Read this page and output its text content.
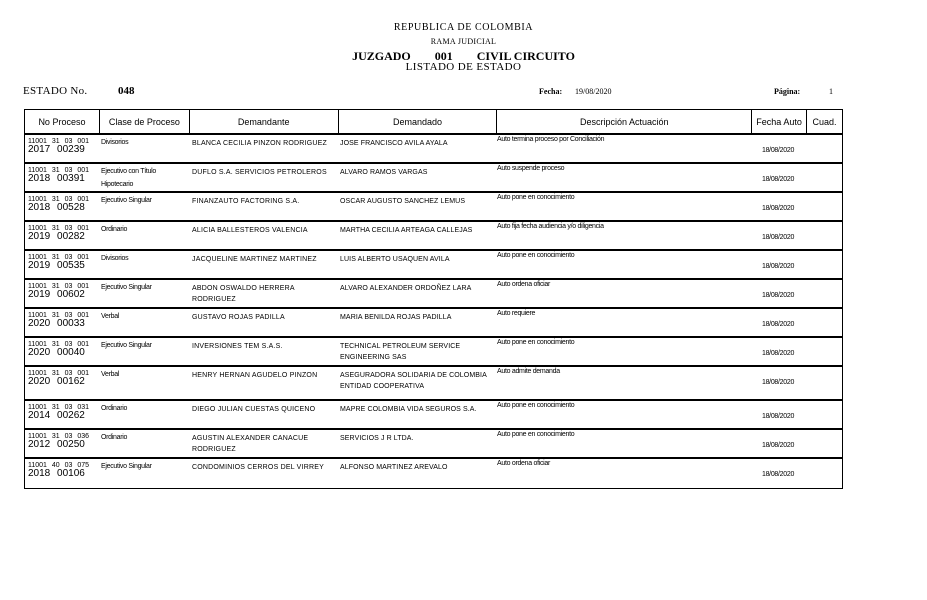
REPUBLICA DE COLOMBIA
RAMA JUDICIAL
JUZGADO 001 CIVIL CIRCUITO
LISTADO DE ESTADO
ESTADO No.	048	Fecha: 19/08/2020	Página:	1
No Proceso	Clase de Proceso	Demandante	Demandado	Descripción Actuación	Fecha Auto	Cuad.
11001 31 03 001
2017 00239
Divisorios	BLANCA CECILIA PINZON RODRIGUEZ	JOSE FRANCISCO AVILA AYALA
Auto termina proceso por Conciliación
18/08/2020
11001 31 03 001
2018 00391
Ejecutivo con Título Hipotecario
DUFLO S.A. SERVICIOS PETROLEROS	ALVARO RAMOS VARGAS
Auto suspende proceso
18/08/2020
11001 31 03 001
2018 00528
Ejecutivo Singular	FINANZAUTO FACTORING S.A.	OSCAR AUGUSTO SANCHEZ LEMUS
Auto pone en conocimiento
18/08/2020
11001 31 03 001
2019 00282
Ordinario	ALICIA BALLESTEROS VALENCIA	MARTHA CECILIA ARTEAGA CALLEJAS
Auto fija fecha audiencia y/o diligencia
18/08/2020
11001 31 03 001
2019 00535
Divisorios	JACQUELINE MARTINEZ MARTINEZ	LUIS ALBERTO USAQUEN AVILA
Auto pone en conocimiento
18/08/2020
11001 31 03 001
2019 00602
Ejecutivo Singular	ABDON OSWALDO HERRERA RODRIGUEZ
ALVARO ALEXANDER ORDOÑEZ LARA
Auto ordena oficiar
18/08/2020
11001 31 03 001
2020 00033
Verbal	GUSTAVO ROJAS PADILLA	MARIA BENILDA ROJAS PADILLA
Auto requiere
18/08/2020
11001 31 03 001
2020 00040
Ejecutivo Singular	INVERSIONES TEM S.A.S.	TECHNICAL PETROLEUM SERVICE ENGINEERING SAS
Auto pone en conocimiento
18/08/2020
11001 31 03 001
2020 00162
Verbal	HENRY HERNAN AGUDELO PINZON	ASEGURADORA SOLIDARIA DE COLOMBIA ENTIDAD COOPERATIVA
Auto admite demanda
18/08/2020
11001 31 03 031
2014 00262
Ordinario	DIEGO JULIAN CUESTAS QUICENO	MAPRE COLOMBIA VIDA SEGUROS S.A.
Auto pone en conocimiento
18/08/2020
11001 31 03 036
2012 00250
Ordinario	AGUSTIN ALEXANDER CANACUE RODRIGUEZ
SERVICIOS J R LTDA.
Auto pone en conocimiento
18/08/2020
11001 40 03 075
2018 00106
Ejecutivo Singular	CONDOMINIOS CERROS DEL VIRREY	ALFONSO MARTINEZ AREVALO
Auto ordena oficiar
18/08/2020
